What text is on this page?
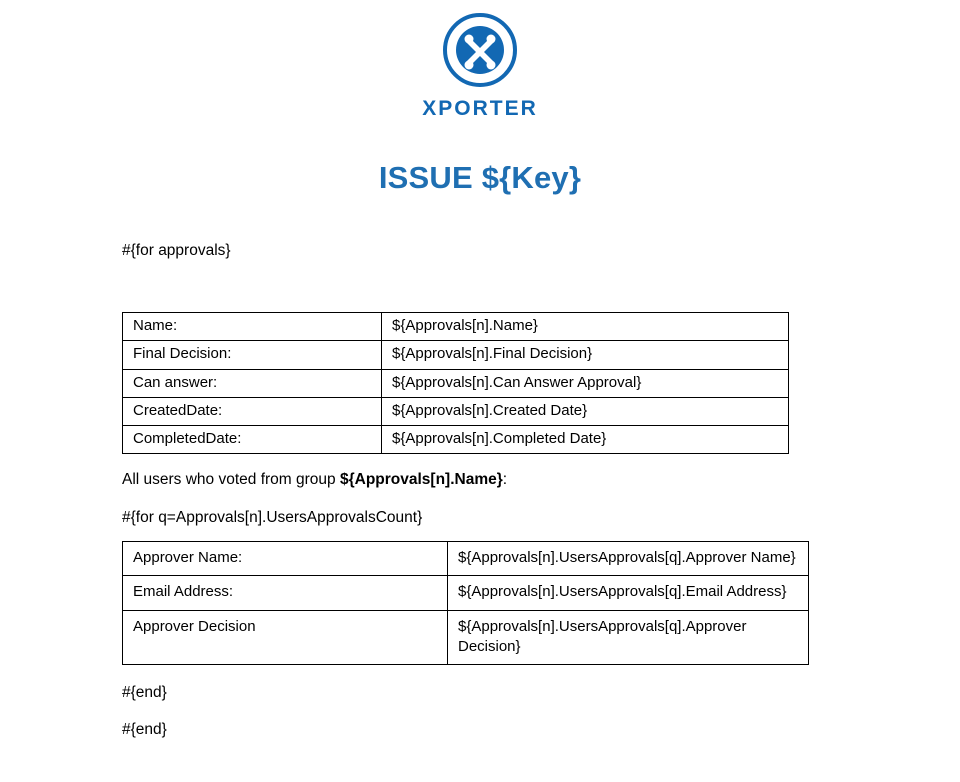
XPORTER
ISSUE ${Key}
#{for approvals}
Name:	${Approvals[n].Name}
Final Decision:	${Approvals[n].Final Decision}
Can answer:	${Approvals[n].Can Answer Approval}
CreatedDate:	${Approvals[n].Created Date}
CompletedDate:	${Approvals[n].Completed Date}
All users who voted from group ${Approvals[n].Name}:
#{for q=Approvals[n].UsersApprovalsCount}
Approver Name:	${Approvals[n].UsersApprovals[q].Approver Name}
Email Address:	${Approvals[n].UsersApprovals[q].Email Address}
Approver Decision	${Approvals[n].UsersApprovals[q].Approver Decision}
#{end}
#{end}
